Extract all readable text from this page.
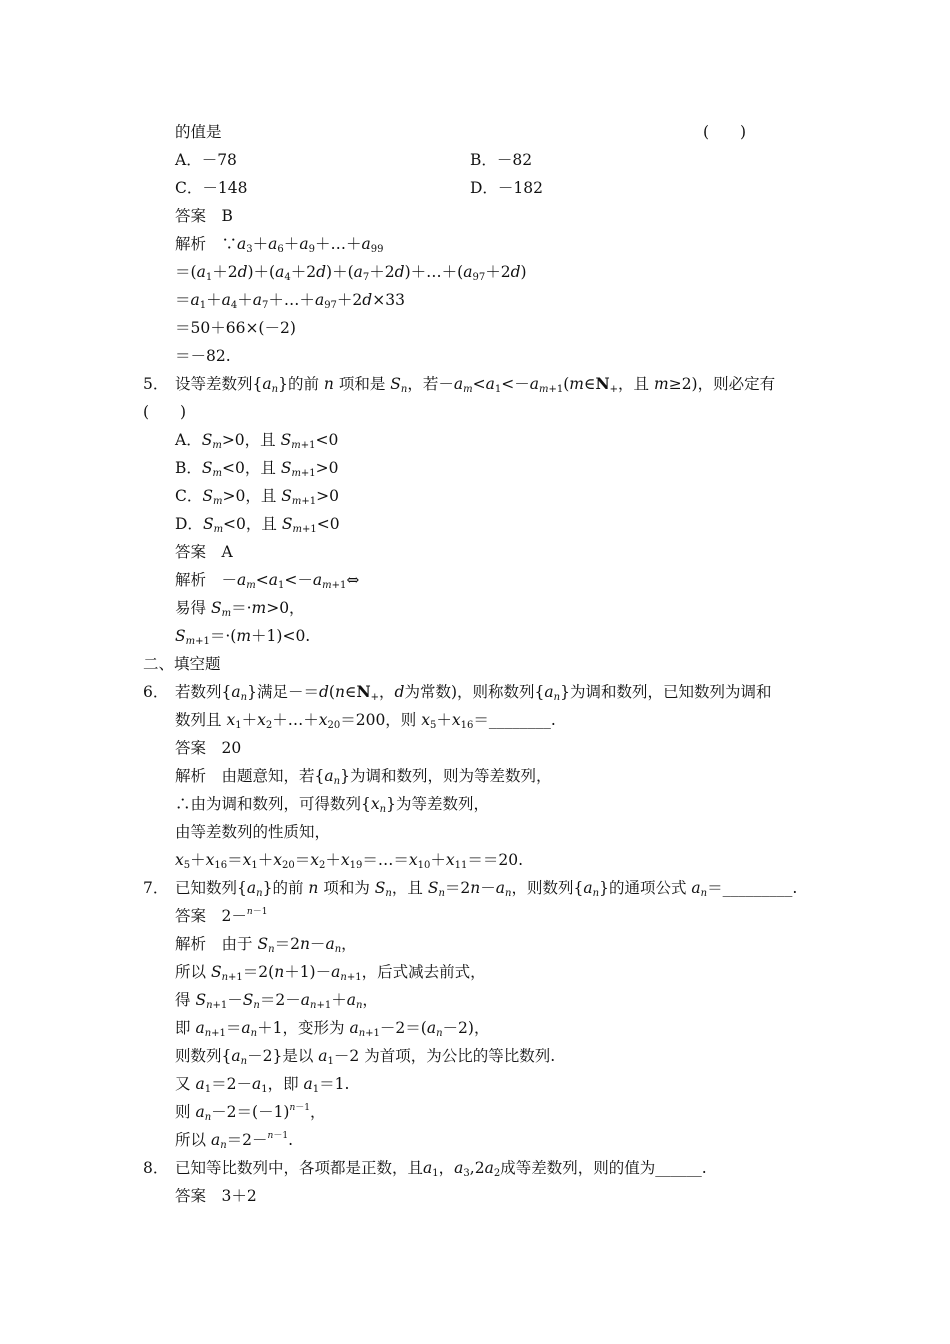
的值是	(　　)
A．－78	B．－82
C．－148	D．－182
答案　 B
解析　$\because a_3+a_6+a_9+\dots+a_{99}$
$=(a_1+2d)+(a_4+2d)+(a_7+2d)+\dots+(a_{97}+2d)$
$=a_1+a_4+a_7+\dots+a_{97}+2d\times 33$
＝50＋66×(－2)
＝－82.
5． 设等差数列$\{a_n\}$的前 n 项和是 $S_n$，若$-a_m<a_1<-a_{m+1}(m\in N_+$，且 m≥2)，则必定有
(　　)
A．$S_m>0$，且 $S_{m+1}<0$
B．$S_m<0$，且 $S_{m+1}>0$
C．$S_m>0$，且 $S_{m+1}>0$
D．$S_m<0$，且 $S_{m+1}<0$
答案　 A
解析　$-a_m<a_1<-a_{m+1}\Leftrightarrow$
易得 $S_m=\cdot m>0$，
$S_{m+1}=\cdot(m+1)<0$.
二、填空题
6． 若数列$\{a_n\}$满足$-=d(n\in N_+$，d为常数)，则称数列$\{a_n\}$为调和数列，已知数列为调和
数列且 $x_1+x_2+\dots+x_{20}=200$，则 $x_5+x_{16}=\_\_\_\_\_\_\_\_$.
答案　 20
解析　 由题意知，若$\{a_n\}$为调和数列，则为等差数列，
∴由为调和数列，可得数列$\{x_n\}$为等差数列，
由等差数列的性质知，
$x_5+x_{16}=x_1+x_{20}=x_2+x_{19}=\dots=x_{10}+x_{11}==20$.
7． 已知数列$\{a_n\}$的前 n 项和为 $S_n$，且 $S_n=2n-a_n$，则数列$\{a_n\}$的通项公式 $a_n=\_\_\_\_\_\_\_\_\_$.
答案　 2－$^{n-1}$
解析　 由于 $S_n=2n-a_n$，
所以 $S_{n+1}=2(n+1)-a_{n+1}$，后式减去前式，
得 $S_{n+1}-S_n=2-a_{n+1}+a_n$，
即 $a_{n+1}=a_n+1$，变形为 $a_{n+1}-2=(a_n-2)$，
则数列$\{a_n-2\}$是以 $a_1-2$ 为首项，为公比的等比数列.
又 $a_1=2-a_1$，即 $a_1=1$.
则 $a_n-2=(-1)^{n-1}$，
所以 $a_n=2-^{n-1}$.
8． 已知等比数列中，各项都是正数，且$a_1$，$a_3,2a_2$成等差数列，则的值为______.
答案　 3＋2
